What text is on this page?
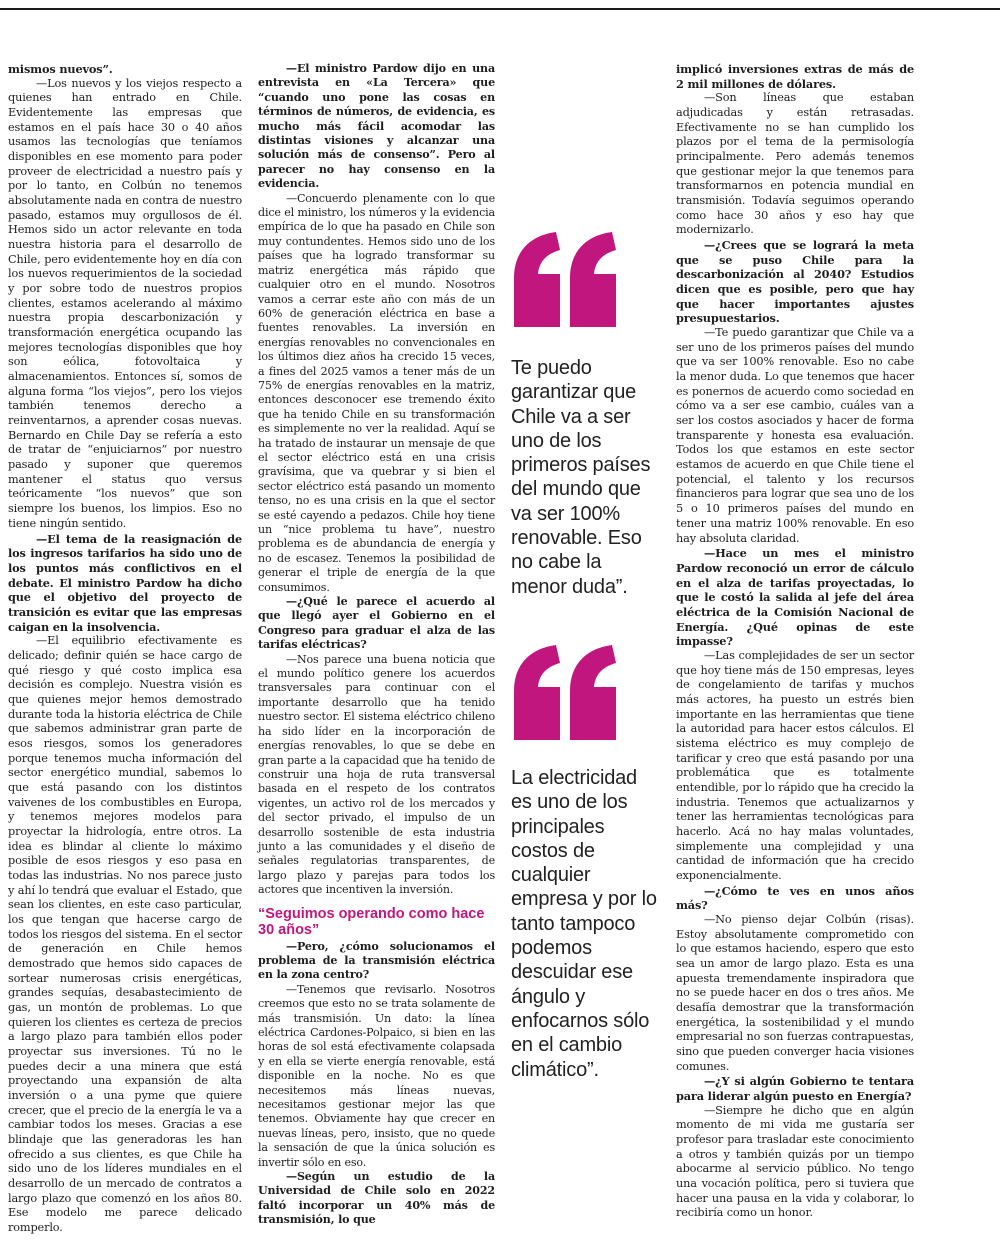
mismos nuevos”.

—Los nuevos y los viejos respecto a quienes han entrado en Chile. Evidentemente las empresas que estamos en el país hace 30 o 40 años usamos las tecnologías que teníamos disponibles en ese momento para poder proveer de electricidad a nuestro país y por lo tanto, en Colbún no tenemos absolutamente nada en contra de nuestro pasado, estamos muy orgullosos de él. Hemos sido un actor relevante en toda nuestra historia para el desarrollo de Chile, pero evidentemente hoy en día con los nuevos requerimientos de la sociedad y por sobre todo de nuestros propios clientes, estamos acelerando al máximo nuestra propia descarbonización y transformación energética ocupando las mejores tecnologías disponibles que hoy son eólica, fotovoltaica y almacenamientos. Entonces sí, somos de alguna forma “los viejos”, pero los viejos también tenemos derecho a reinventarnos, a aprender cosas nuevas. Bernardo en Chile Day se refería a esto de tratar de “enjuiciarnos” por nuestro pasado y suponer que queremos mantener el status quo versus teóricamente “los nuevos” que son siempre los buenos, los limpios. Eso no tiene ningún sentido.

—El tema de la reasignación de los ingresos tarifarios ha sido uno de los puntos más conflictivos en el debate. El ministro Pardow ha dicho que el objetivo del proyecto de transición es evitar que las empresas caigan en la insolvencia.

—El equilibrio efectivamente es delicado; definir quién se hace cargo de qué riesgo y qué costo implica esa decisión es complejo. Nuestra visión es que quienes mejor hemos demostrado durante toda la historia eléctrica de Chile que sabemos administrar gran parte de esos riesgos, somos los generadores porque tenemos mucha información del sector energético mundial, sabemos lo que está pasando con los distintos vaivenes de los combustibles en Europa, y tenemos mejores modelos para proyectar la hidrología, entre otros. La idea es blindar al cliente lo máximo posible de esos riesgos y eso pasa en todas las industrias. No nos parece justo y ahí lo tendrá que evaluar el Estado, que sean los clientes, en este caso particular, los que tengan que hacerse cargo de todos los riesgos del sistema. En el sector de generación en Chile hemos demostrado que hemos sido capaces de sortear numerosas crisis energéticas, grandes sequías, desabastecimiento de gas, un montón de problemas. Lo que quieren los clientes es certeza de precios a largo plazo para también ellos poder proyectar sus inversiones. Tú no le puedes decir a una minera que está proyectando una expansión de alta inversión o a una pyme que quiere crecer, que el precio de la energía le va a cambiar todos los meses. Gracias a ese blindaje que las generadoras les han ofrecido a sus clientes, es que Chile ha sido uno de los líderes mundiales en el desarrollo de un mercado de contratos a largo plazo que comenzó en los años 80. Ese modelo me parece delicado romperlo.

—El ministro Pardow dijo en una entrevista en «La Tercera» que “cuando uno pone las cosas en términos de números, de evidencia, es mucho más fácil acomodar las distintas visiones y alcanzar una solución más de consenso”. Pero al parecer no hay consenso en la evidencia.

—Concuerdo plenamente con lo que dice el ministro, los números y la evidencia empírica de lo que ha pasado en Chile son muy contundentes. Hemos sido uno de los países que ha logrado transformar su matriz energética más rápido que cualquier otro en el mundo. Nosotros vamos a cerrar este año con más de un 60% de generación eléctrica en base a fuentes renovables. La inversión en energías renovables no convencionales en los últimos diez años ha crecido 15 veces, a fines del 2025 vamos a tener más de un 75% de energías renovables en la matriz, entonces desconocer ese tremendo éxito que ha tenido Chile en su transformación es simplemente no ver la realidad. Aquí se ha tratado de instaurar un mensaje de que el sector eléctrico está en una crisis gravísima, que va quebrar y si bien el sector eléctrico está pasando un momento tenso, no es una crisis en la que el sector se esté cayendo a pedazos. Chile hoy tiene un “nice problema tu have”, nuestro problema es de abundancia de energía y no de escasez. Tenemos la posibilidad de generar el triple de energía de la que consumimos.

—¿Qué le parece el acuerdo al que llegó ayer el Gobierno en el Congreso para graduar el alza de las tarifas eléctricas?

—Nos parece una buena noticia que el mundo político genere los acuerdos transversales para continuar con el importante desarrollo que ha tenido nuestro sector. El sistema eléctrico chileno ha sido líder en la incorporación de energías renovables, lo que se debe en gran parte a la capacidad que ha tenido de construir una hoja de ruta transversal basada en el respeto de los contratos vigentes, un activo rol de los mercados y del sector privado, el impulso de un desarrollo sostenible de esta industria junto a las comunidades y el diseño de señales regulatorias transparentes, de largo plazo y parejas para todos los actores que incentiven la inversión.

“Seguimos operando como hace 30 años”

—Pero, ¿cómo solucionamos el problema de la transmisión eléctrica en la zona centro?

—Tenemos que revisarlo. Nosotros creemos que esto no se trata solamente de más transmisión. Un dato: la línea eléctrica Cardones-Polpaico, si bien en las horas de sol está efectivamente colapsada y en ella se vierte energía renovable, está disponible en la noche. No es que necesitemos más líneas nuevas, necesitamos gestionar mejor las que tenemos. Obviamente hay que crecer en nuevas líneas, pero, insisto, que no quede la sensación de que la única solución es invertir sólo en eso.

—Según un estudio de la Universidad de Chile solo en 2022 faltó incorporar un 40% más de transmisión, lo que

Te puedo garantizar que Chile va a ser uno de los primeros países del mundo que va ser 100% renovable. Eso no cabe la menor duda”.
La electricidad es uno de los principales costos de cualquier empresa y por lo tanto tampoco podemos descuidar ese ángulo y enfocarnos sólo en el cambio climático”.

implicó inversiones extras de más de 2 mil millones de dólares.

—Son líneas que estaban adjudicadas y están retrasadas. Efectivamente no se han cumplido los plazos por el tema de la permisología principalmente. Pero además tenemos que gestionar mejor la que tenemos para transformarnos en potencia mundial en transmisión. Todavía seguimos operando como hace 30 años y eso hay que modernizarlo.

—¿Crees que se logrará la meta que se puso Chile para la descarbonización al 2040? Estudios dicen que es posible, pero que hay que hacer importantes ajustes presupuestarios.

—Te puedo garantizar que Chile va a ser uno de los primeros países del mundo que va ser 100% renovable. Eso no cabe la menor duda. Lo que tenemos que hacer es ponernos de acuerdo como sociedad en cómo va a ser ese cambio, cuáles van a ser los costos asociados y hacer de forma transparente y honesta esa evaluación. Todos los que estamos en este sector estamos de acuerdo en que Chile tiene el potencial, el talento y los recursos financieros para lograr que sea uno de los 5 o 10 primeros países del mundo en tener una matriz 100% renovable. En eso hay absoluta claridad.

—Hace un mes el ministro Pardow reconoció un error de cálculo en el alza de tarifas proyectadas, lo que le costó la salida al jefe del área eléctrica de la Comisión Nacional de Energía. ¿Qué opinas de este impasse?

—Las complejidades de ser un sector que hoy tiene más de 150 empresas, leyes de congelamiento de tarifas y muchos más actores, ha puesto un estrés bien importante en las herramientas que tiene la autoridad para hacer estos cálculos. El sistema eléctrico es muy complejo de tarificar y creo que está pasando por una problemática que es totalmente entendible, por lo rápido que ha crecido la industria. Tenemos que actualizarnos y tener las herramientas tecnológicas para hacerlo. Acá no hay malas voluntades, simplemente una complejidad y una cantidad de información que ha crecido exponencialmente.

—¿Cómo te ves en unos años más?

—No pienso dejar Colbún (risas). Estoy absolutamente comprometido con lo que estamos haciendo, espero que esto sea un amor de largo plazo. Esta es una apuesta tremendamente inspiradora que no se puede hacer en dos o tres años. Me desafía demostrar que la transformación energética, la sostenibilidad y el mundo empresarial no son fuerzas contrapuestas, sino que pueden converger hacia visiones comunes.

—¿Y si algún Gobierno te tentara para liderar algún puesto en Energía?

—Siempre he dicho que en algún momento de mi vida me gustaría ser profesor para trasladar este conocimiento a otros y también quizás por un tiempo abocarme al servicio público. No tengo una vocación política, pero si tuviera que hacer una pausa en la vida y colaborar, lo recibiría como un honor.
